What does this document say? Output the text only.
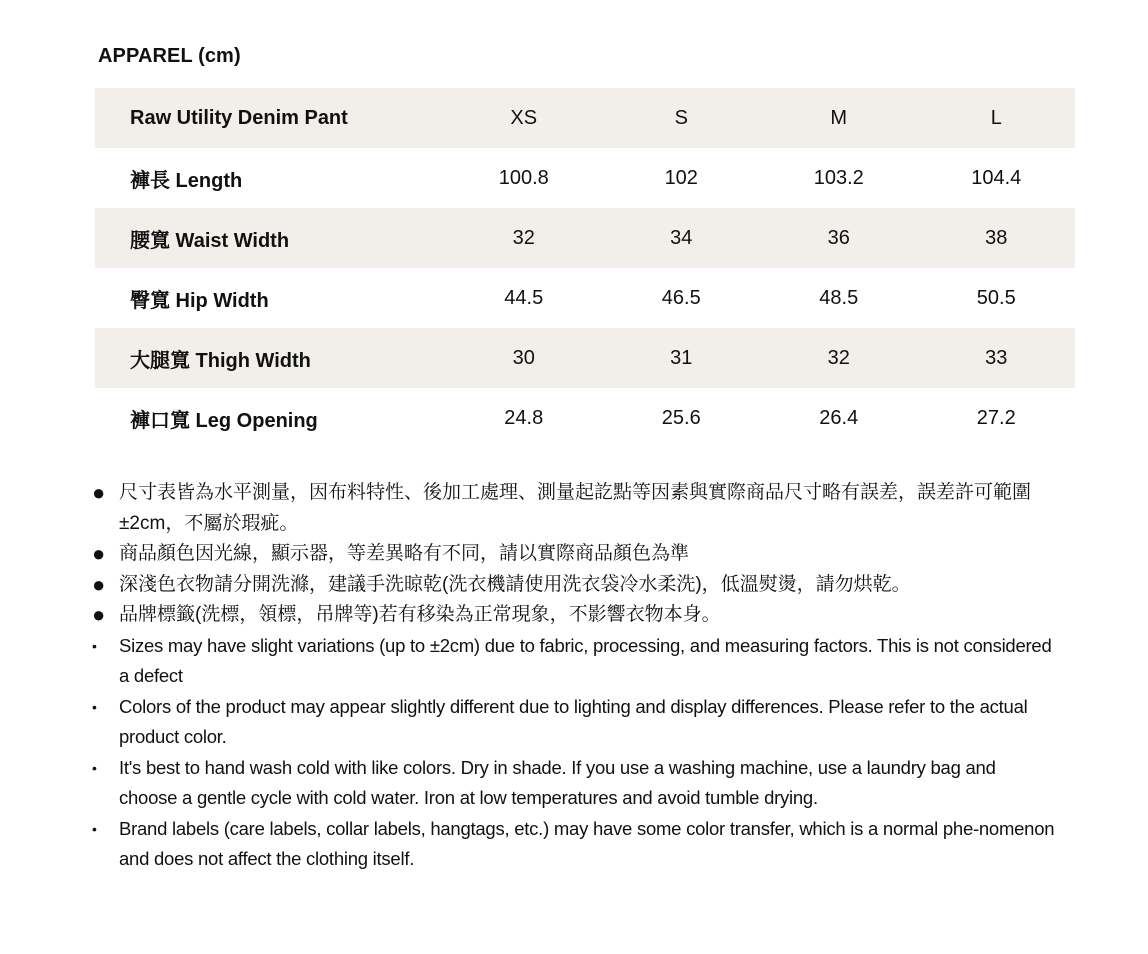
APPAREL (cm)
Raw Utility Denim Pant	XS	S	M	L
褲長 Length	100.8	102	103.2	104.4
腰寬 Waist Width	32	34	36	38
臀寬 Hip Width	44.5	46.5	48.5	50.5
大腿寬 Thigh Width	30	31	32	33
褲口寬 Leg Opening	24.8	25.6	26.4	27.2
● 尺寸表皆為水平測量，因布料特性、後加工處理、測量起訖點等因素與實際商品尺寸略有誤差，誤差許可範圍±2cm，不屬於瑕疵。
● 商品顏色因光線，顯示器，等差異略有不同，請以實際商品顏色為準
● 深淺色衣物請分開洗滌，建議手洗晾乾(洗衣機請使用洗衣袋冷水柔洗)，低溫熨燙，請勿烘乾。
● 品牌標籤(洗標，領標，吊牌等)若有移染為正常現象，不影響衣物本身。
•	Sizes may have slight variations (up to ±2cm) due to fabric, processing, and measuring factors. This is not considered a defect
•	Colors of the product may appear slightly different due to lighting and display differences. Please refer to the actual product color.
•	It's best to hand wash cold with like colors. Dry in shade. If you use a washing machine, use a laundry bag and choose a gentle cycle with cold water. Iron at low temperatures and avoid tumble drying.
•	Brand labels (care labels, collar labels, hangtags, etc.) may have some color transfer, which is a normal phe-nomenon and does not affect the clothing itself.
